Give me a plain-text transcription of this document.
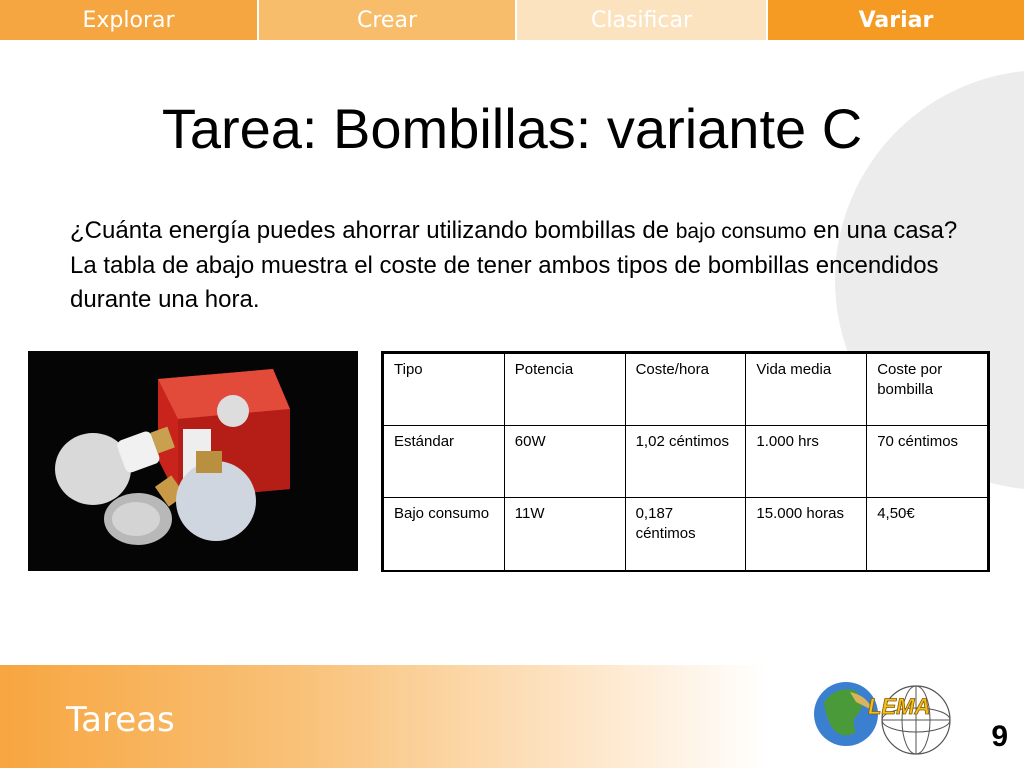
Explorar	Crear	Clasificar	Variar
Tarea: Bombillas: variante C
¿Cuánta energía puedes ahorrar utilizando bombillas de bajo consumo en una casa? La tabla de abajo muestra el coste de tener ambos tipos de bombillas encendidos durante una hora.
Tipo	Potencia	Coste/hora	Vida media	Coste por bombilla
Estándar	60W	1,02 céntimos	1.000 hrs	70 céntimos
Bajo consumo	11W	0,187 céntimos	15.000 horas	4,50€
Tareas	LEMA
9
